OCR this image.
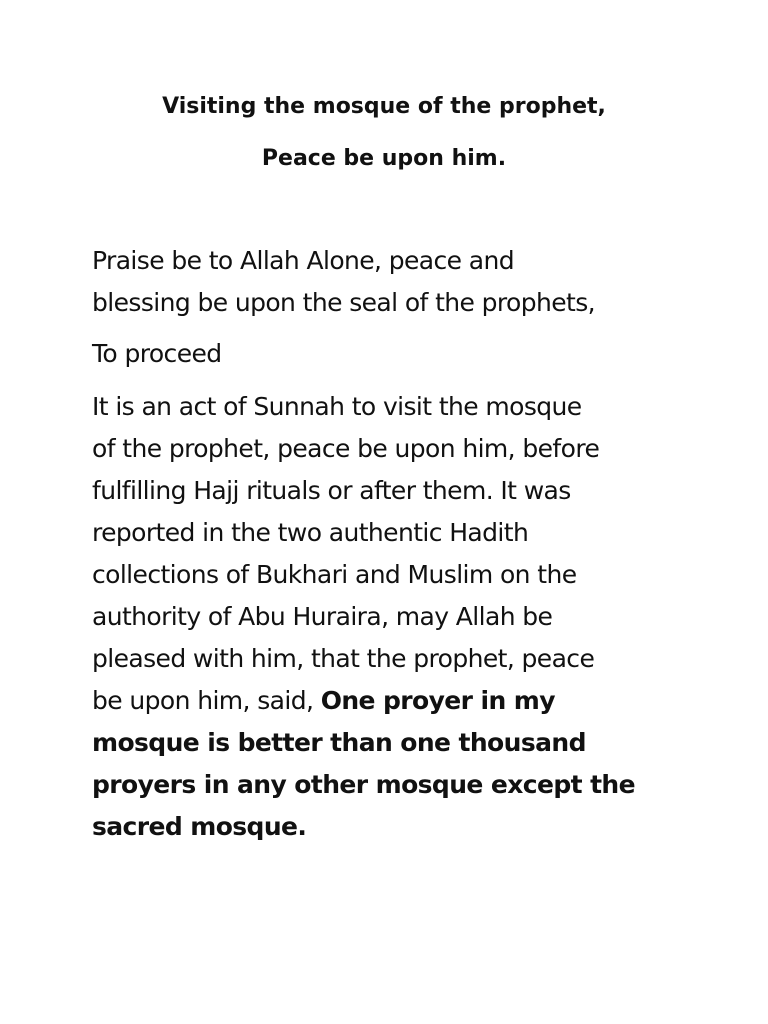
Visiting the mosque of the prophet,
Peace be upon him.

Praise be to Allah Alone, peace and
blessing be upon the seal of the prophets,

To proceed

It is an act of Sunnah to visit the mosque
of the prophet, peace be upon him, before
fulfilling Hajj rituals or after them. It was
reported in the two authentic Hadith
collections of Bukhari and Muslim on the
authority of Abu Huraira, may Allah be
pleased with him, that the prophet, peace
be upon him, said, One proyer in my
mosque is better than one thousand
proyers in any other mosque except the
sacred mosque.
